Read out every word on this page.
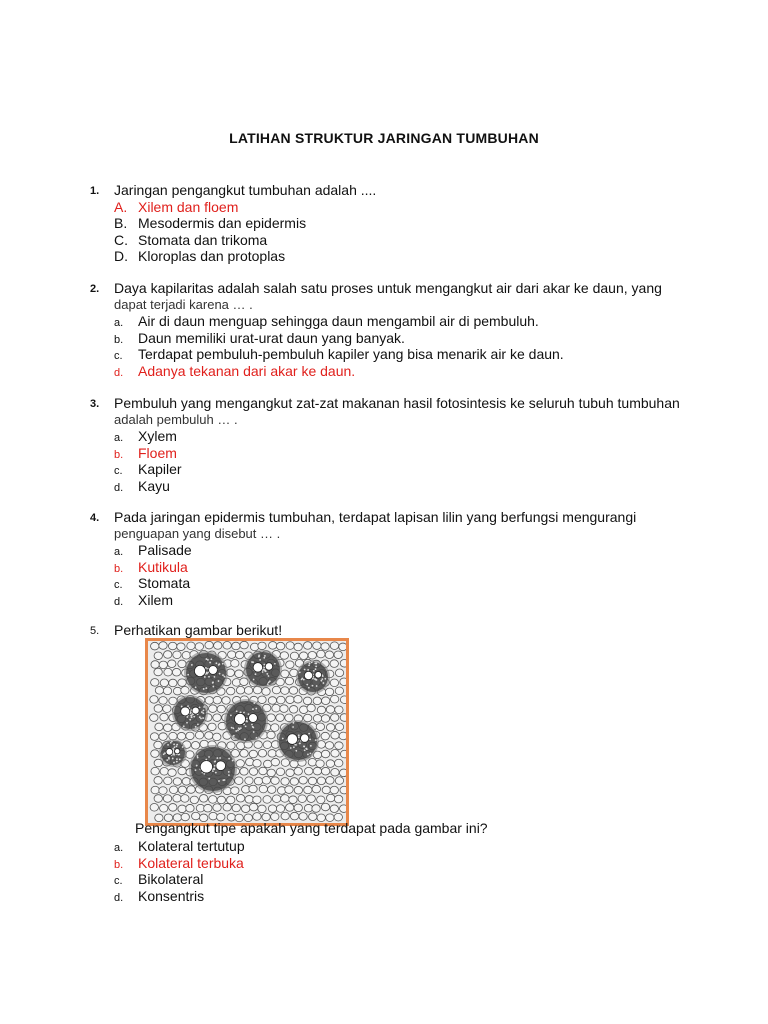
LATIHAN STRUKTUR JARINGAN TUMBUHAN
1. Jaringan pengangkut tumbuhan adalah ....
A. Xilem dan floem
B. Mesodermis dan epidermis
C. Stomata dan trikoma
D. Kloroplas dan protoplas
2. Daya kapilaritas adalah salah satu proses untuk mengangkut air dari akar ke daun, yang
dapat terjadi karena … .
a. Air di daun menguap sehingga daun mengambil air di pembuluh.
b. Daun memiliki urat-urat daun yang banyak.
c. Terdapat pembuluh-pembuluh kapiler yang bisa menarik air ke daun.
d. Adanya tekanan dari akar ke daun.
3. Pembuluh yang mengangkut zat-zat makanan hasil fotosintesis ke seluruh tubuh tumbuhan
adalah pembuluh … .
a. Xylem
b. Floem
c. Kapiler
d. Kayu
4. Pada jaringan epidermis tumbuhan, terdapat lapisan lilin yang berfungsi mengurangi
penguapan yang disebut … .
a. Palisade
b. Kutikula
c. Stomata
d. Xilem
5. Perhatikan gambar berikut!
Pengangkut tipe apakah yang terdapat pada gambar ini?
a. Kolateral tertutup
b. Kolateral terbuka
c. Bikolateral
d. Konsentris
